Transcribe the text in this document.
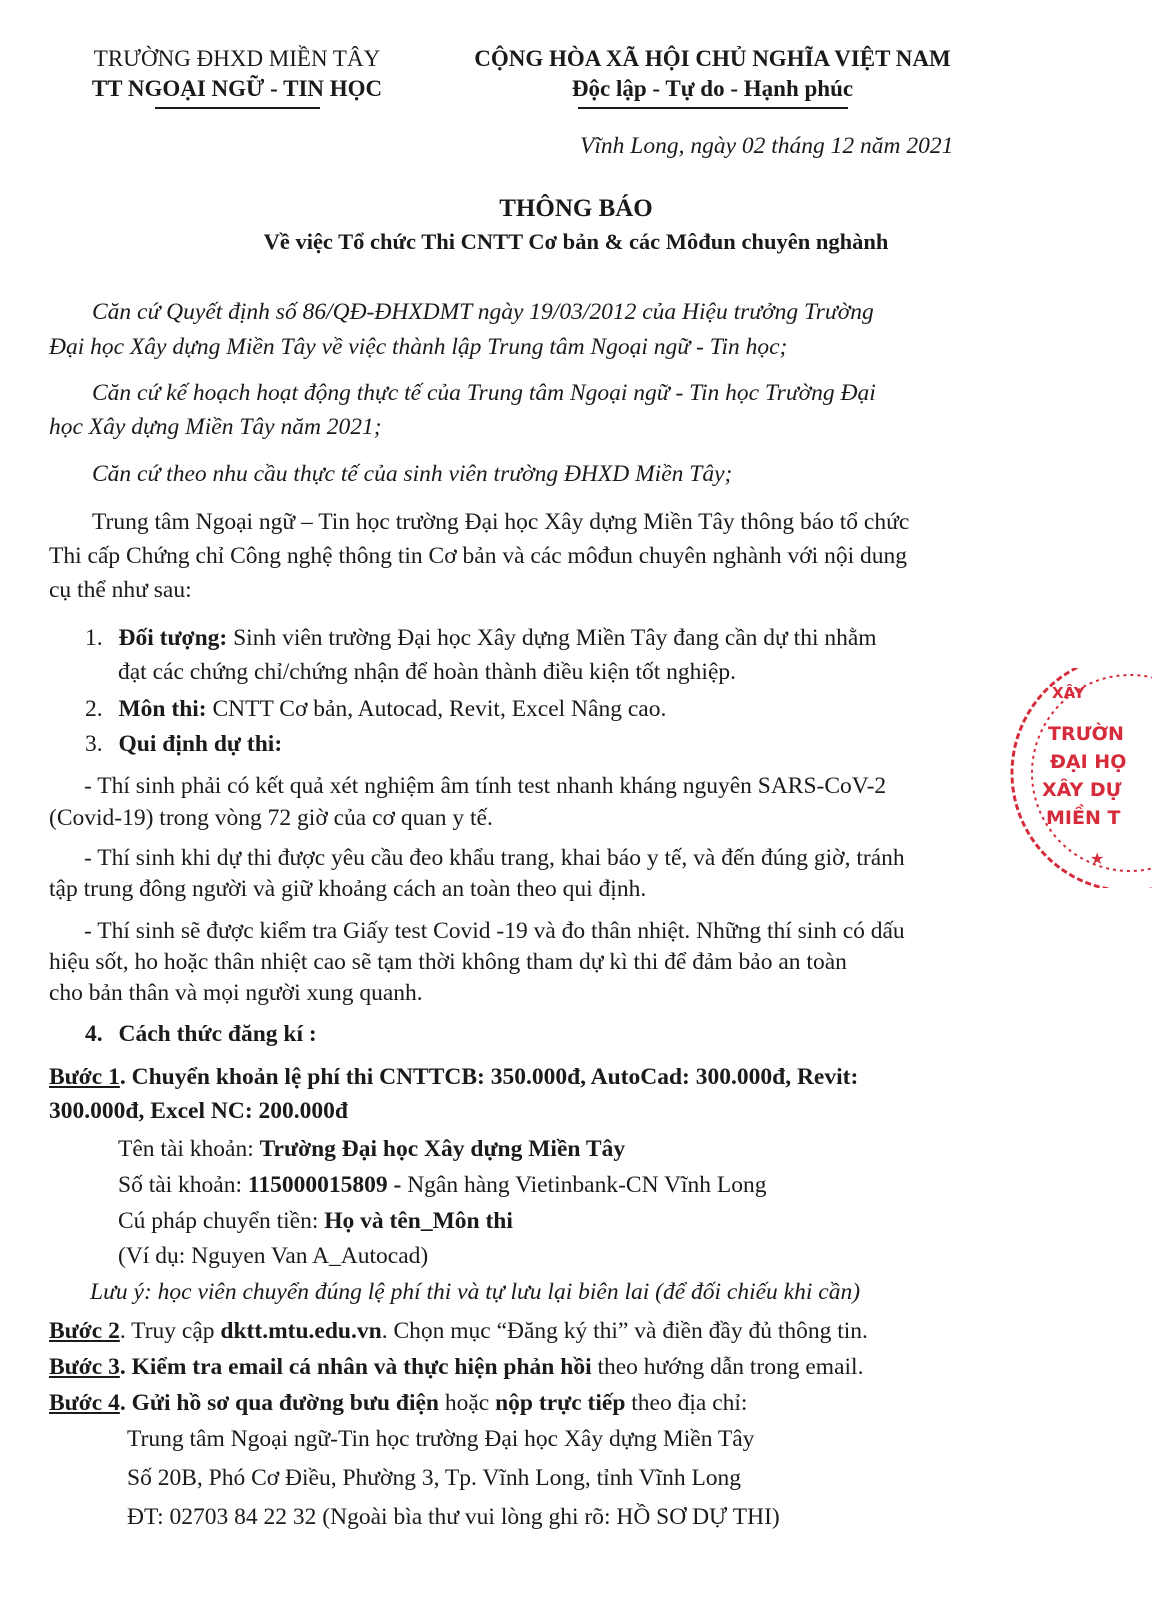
TRƯỜNG ĐHXD MIỀN TÂY
TT NGOẠI NGỮ - TIN HỌC
CỘNG HÒA XÃ HỘI CHỦ NGHĨA VIỆT NAM
Độc lập - Tự do - Hạnh phúc
Vĩnh Long, ngày 02 tháng 12 năm 2021
THÔNG BÁO
Về việc Tổ chức Thi CNTT Cơ bản & các Môđun chuyên nghành
Căn cứ Quyết định số 86/QĐ-ĐHXDMT ngày 19/03/2012 của Hiệu trưởng Trường
Đại học Xây dựng Miền Tây về việc thành lập Trung tâm Ngoại ngữ - Tin học;
Căn cứ kế hoạch hoạt động thực tế của Trung tâm Ngoại ngữ - Tin học Trường Đại
học Xây dựng Miền Tây năm 2021;
Căn cứ theo nhu cầu thực tế của sinh viên trường ĐHXD Miền Tây;
Trung tâm Ngoại ngữ – Tin học trường Đại học Xây dựng Miền Tây thông báo tổ chức
Thi cấp Chứng chỉ Công nghệ thông tin Cơ bản và các môđun chuyên nghành với nội dung
cụ thể như sau:
1. Đối tượng: Sinh viên trường Đại học Xây dựng Miền Tây đang cần dự thi nhằm
đạt các chứng chỉ/chứng nhận để hoàn thành điều kiện tốt nghiệp.
2. Môn thi: CNTT Cơ bản, Autocad, Revit, Excel Nâng cao.
3. Qui định dự thi:
- Thí sinh phải có kết quả xét nghiệm âm tính test nhanh kháng nguyên SARS-CoV-2
(Covid-19) trong vòng 72 giờ của cơ quan y tế.
- Thí sinh khi dự thi được yêu cầu đeo khẩu trang, khai báo y tế, và đến đúng giờ, tránh
tập trung đông người và giữ khoảng cách an toàn theo qui định.
- Thí sinh sẽ được kiểm tra Giấy test Covid -19 và đo thân nhiệt. Những thí sinh có dấu
hiệu sốt, ho hoặc thân nhiệt cao sẽ tạm thời không tham dự kì thi để đảm bảo an toàn
cho bản thân và mọi người xung quanh.
4. Cách thức đăng kí :
Bước 1. Chuyển khoản lệ phí thi CNTTCB: 350.000đ, AutoCad: 300.000đ, Revit:
300.000đ, Excel NC: 200.000đ
Tên tài khoản: Trường Đại học Xây dựng Miền Tây
Số tài khoản: 115000015809 - Ngân hàng Vietinbank-CN Vĩnh Long
Cú pháp chuyển tiền: Họ và tên_Môn thi
(Ví dụ: Nguyen Van A_Autocad)
Lưu ý: học viên chuyển đúng lệ phí thi và tự lưu lại biên lai (để đối chiếu khi cần)
Bước 2. Truy cập dktt.mtu.edu.vn. Chọn mục “Đăng ký thi” và điền đầy đủ thông tin.
Bước 3. Kiểm tra email cá nhân và thực hiện phản hồi theo hướng dẫn trong email.
Bước 4. Gửi hồ sơ qua đường bưu điện hoặc nộp trực tiếp theo địa chỉ:
Trung tâm Ngoại ngữ-Tin học trường Đại học Xây dựng Miền Tây
Số 20B, Phó Cơ Điều, Phường 3, Tp. Vĩnh Long, tỉnh Vĩnh Long
ĐT: 02703 84 22 32 (Ngoài bìa thư vui lòng ghi rõ: HỒ SƠ DỰ THI)
XÂY
TRƯỜN
ĐẠI HỌ
XÂY DỰ
MIỀN T
★
